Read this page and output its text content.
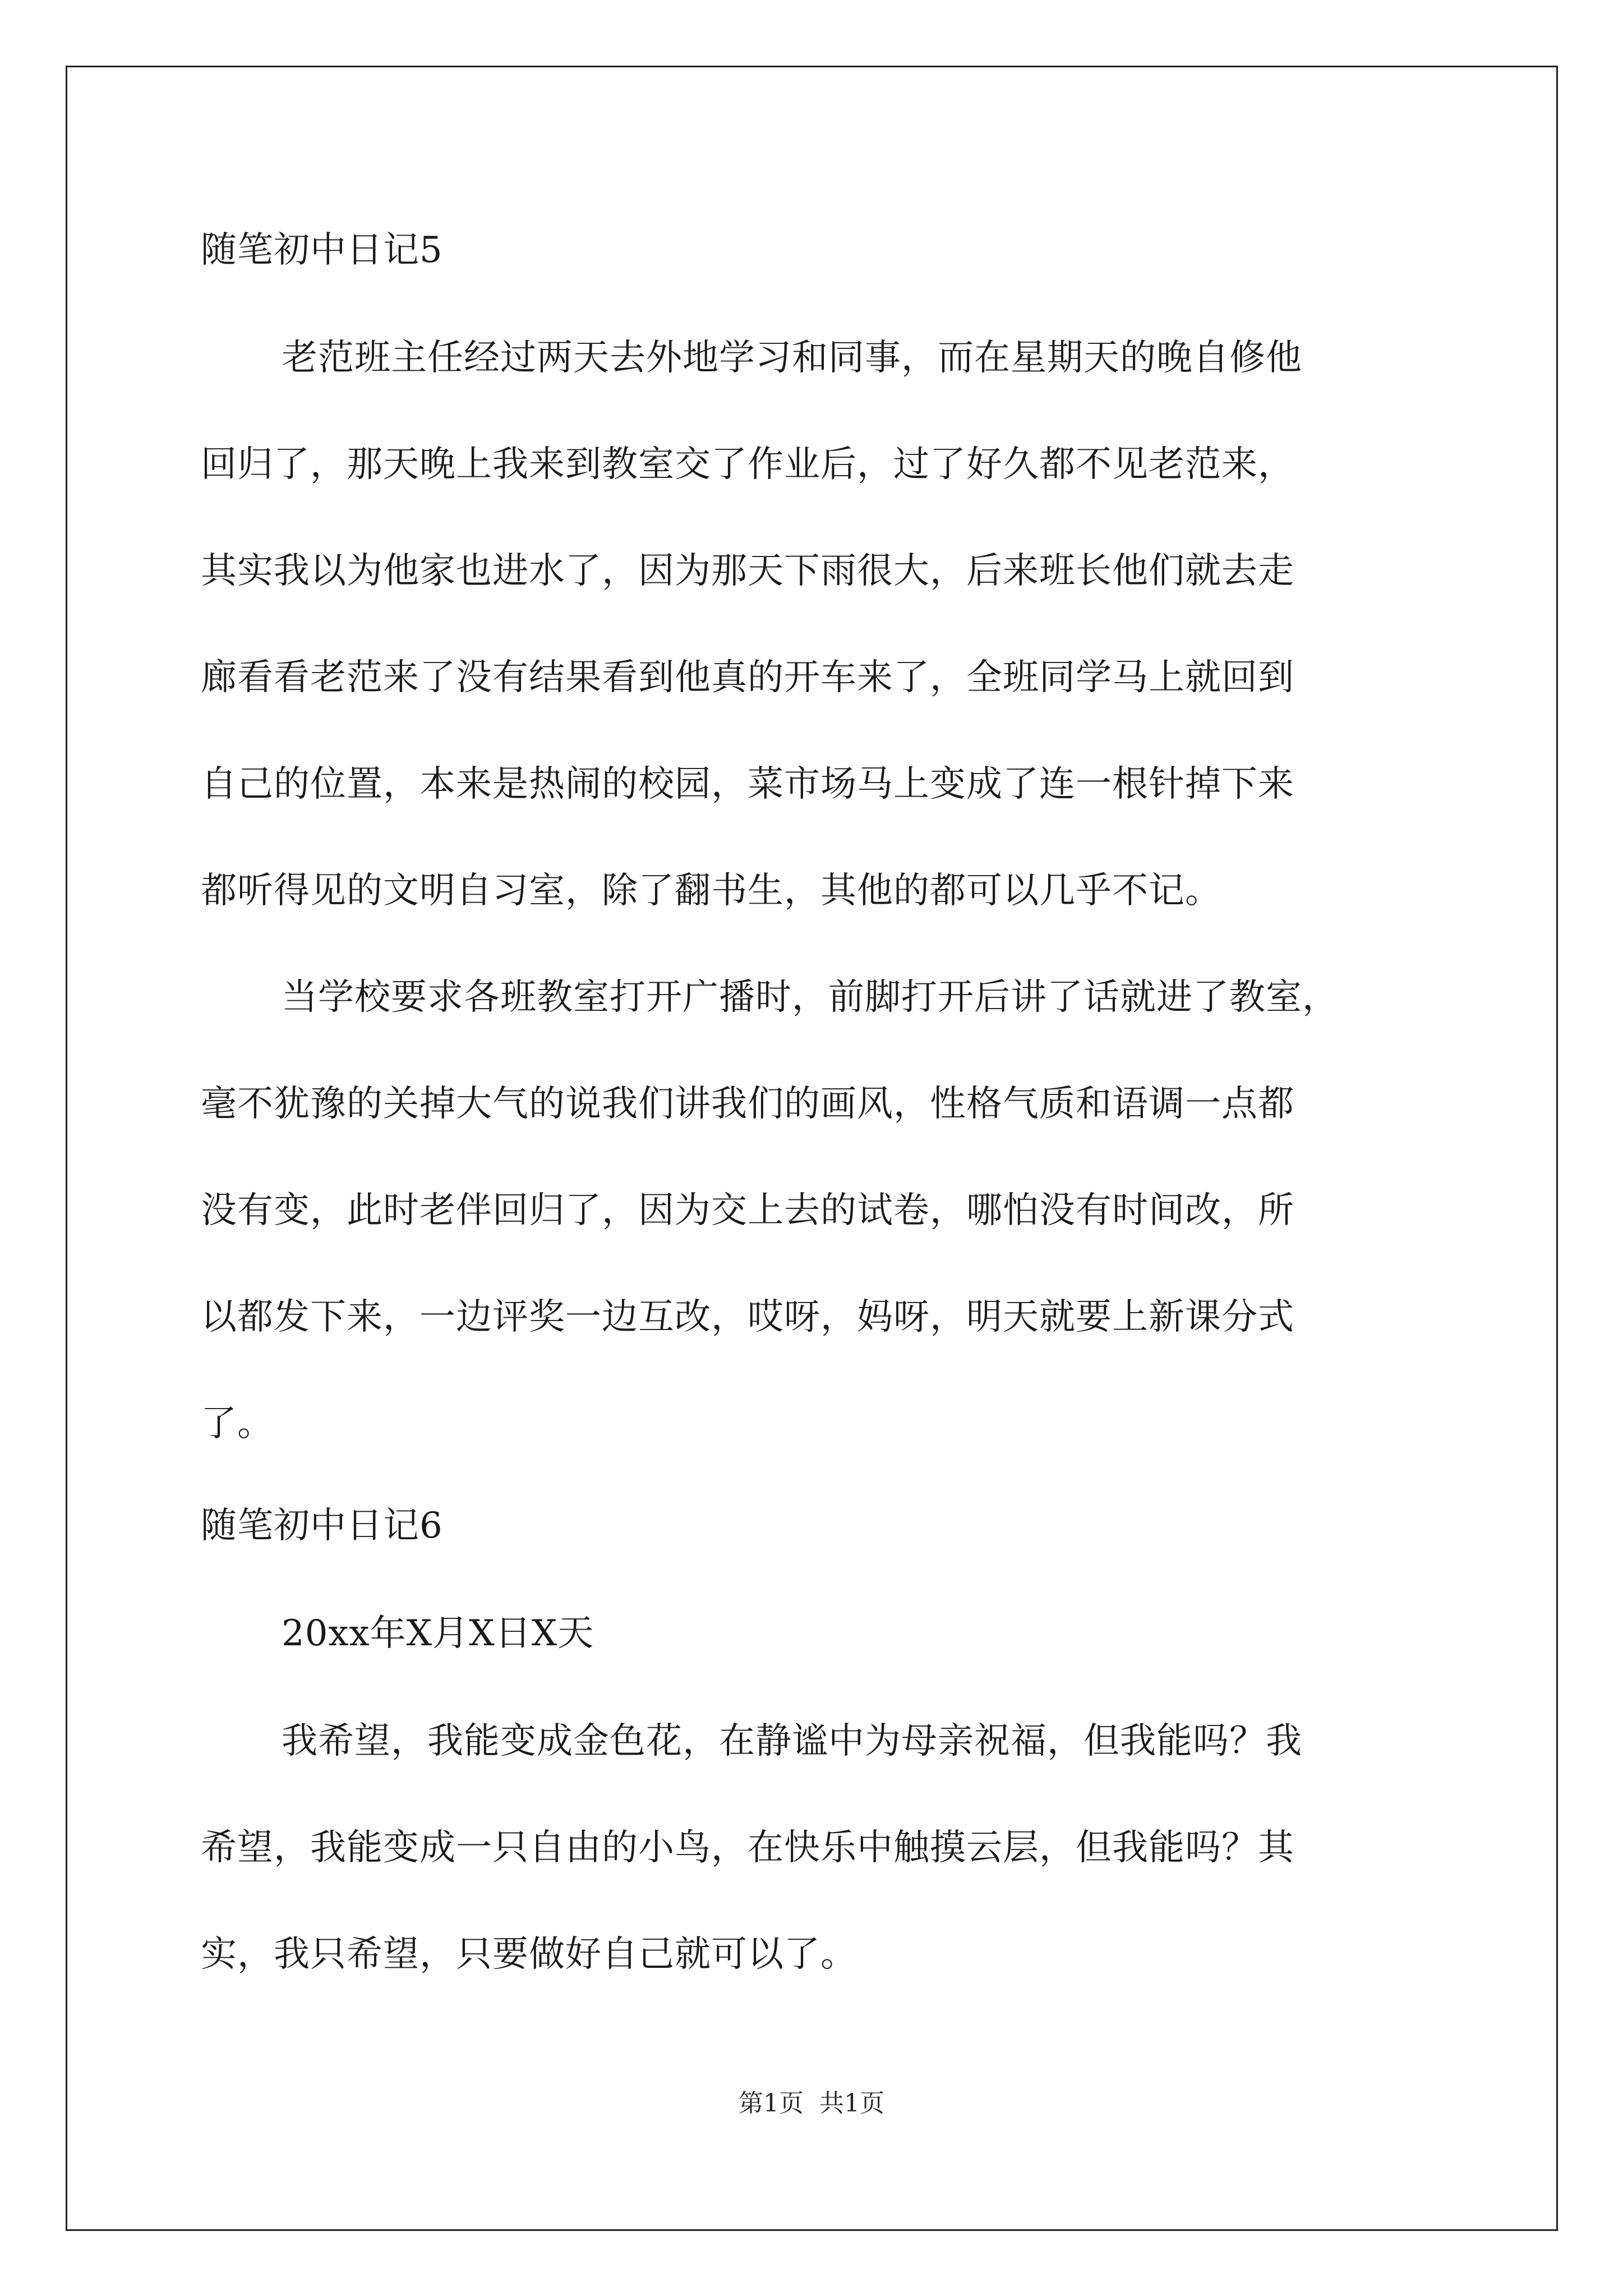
随笔初中日记5
老范班主任经过两天去外地学习和同事，而在星期天的晚自修他
回归了，那天晚上我来到教室交了作业后，过了好久都不见老范来，
其实我以为他家也进水了，因为那天下雨很大，后来班长他们就去走
廊看看老范来了没有结果看到他真的开车来了，全班同学马上就回到
自己的位置，本来是热闹的校园，菜市场马上变成了连一根针掉下来
都听得见的文明自习室，除了翻书生，其他的都可以几乎不记。
当学校要求各班教室打开广播时，前脚打开后讲了话就进了教室，
毫不犹豫的关掉大气的说我们讲我们的画风，性格气质和语调一点都
没有变，此时老伴回归了，因为交上去的试卷，哪怕没有时间改，所
以都发下来，一边评奖一边互改，哎呀，妈呀，明天就要上新课分式
了。
随笔初中日记6
20xx年X月X日X天
我希望，我能变成金色花，在静谧中为母亲祝福，但我能吗？我
希望，我能变成一只自由的小鸟，在快乐中触摸云层，但我能吗？其
实，我只希望，只要做好自己就可以了。
第1页 共1页
